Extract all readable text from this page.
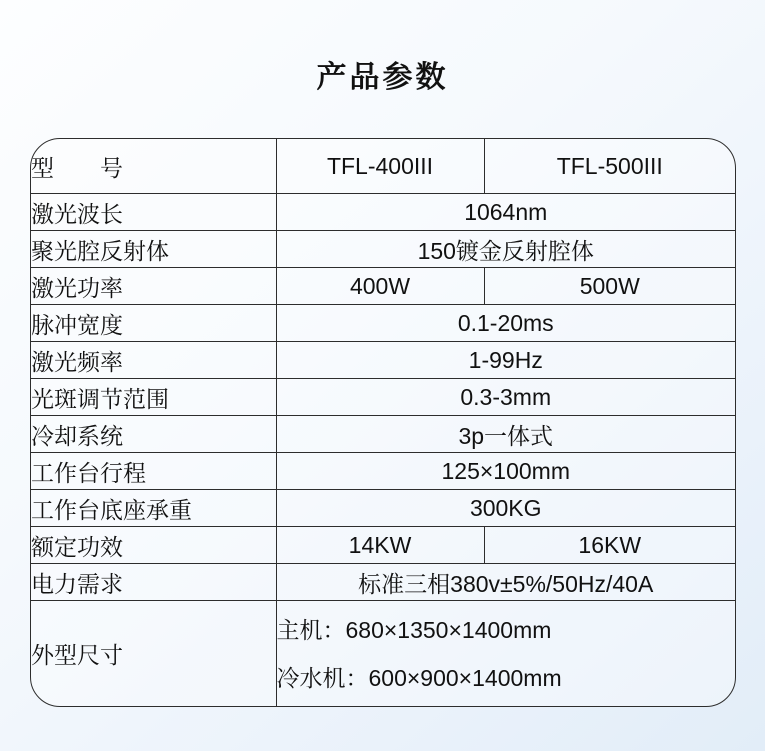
产品参数
型　　号	TFL-400III	TFL-500III
激光波长	1064nm	
聚光腔反射体	150镀金反射腔体	
激光功率	400W	500W
脉冲宽度	0.1-20ms	
激光频率	1-99Hz	
光斑调节范围	0.3-3mm	
冷却系统	3p一体式	
工作台行程	125×100mm	
工作台底座承重	300KG	
额定功效	14KW	16KW
电力需求	标准三相380v±5%/50Hz/40A	
外型尺寸	主机：680×1350×1400mm
冷水机：600×900×1400mm	
